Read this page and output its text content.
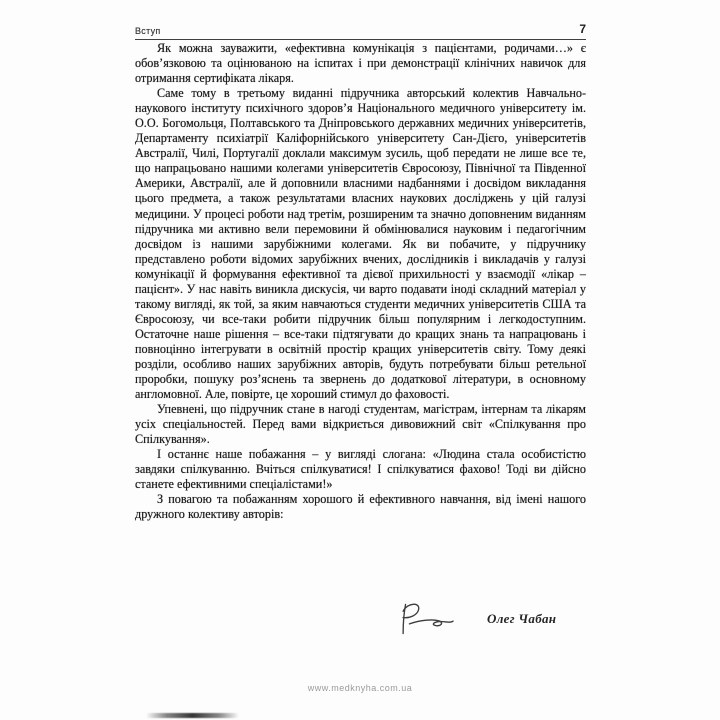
Вступ	7

Як можна зауважити, «ефективна комунікація з пацієнтами, родичами…» є обов’язковою та оцінюваною на іспитах і при демонстрації клінічних навичок для отримання сертифіката лікаря.

Саме тому в третьому виданні підручника авторський колектив Навчально-наукового інституту психічного здоров’я Національного медичного університету ім. О.О. Богомольця, Полтавського та Дніпровського державних медичних університетів, Департаменту психіатрії Каліфорнійського університету Сан-Дієго, університетів Австралії, Чилі, Португалії доклали максимум зусиль, щоб передати не лише все те, що напрацьовано нашими колегами університетів Євросоюзу, Північної та Південної Америки, Австралії, але й доповнили власними надбаннями і досвідом викладання цього предмета, а також результатами власних наукових досліджень у цій галузі медицини. У процесі роботи над третім, розширеним та значно доповненим виданням підручника ми активно вели перемовини й обмінювалися науковим і педагогічним досвідом із нашими зарубіжними колегами. Як ви побачите, у підручнику представлено роботи відомих зарубіжних вчених, дослідників і викладачів у галузі комунікації й формування ефективної та дієвої прихильності у взаємодії «лікар – пацієнт». У нас навіть виникла дискусія, чи варто подавати іноді складний матеріал у такому вигляді, як той, за яким навчаються студенти медичних університетів США та Євросоюзу, чи все-таки робити підручник більш популярним і легкодоступним. Остаточне наше рішення – все-таки підтягувати до кращих знань та напрацювань і повноцінно інтегрувати в освітній простір кращих університетів світу. Тому деякі розділи, особливо наших зарубіжних авторів, будуть потребувати більш ретельної проробки, пошуку роз’яснень та звернень до додаткової літератури, в основному англомовної. Але, повірте, це хороший стимул до фаховості.

Упевнені, що підручник стане в нагоді студентам, магістрам, інтернам та лікарям усіх спеціальностей. Перед вами відкриється дивовижний світ «Спілкування про Спілкування».

І останнє наше побажання – у вигляді слогана: «Людина стала особистістю завдяки спілкуванню. Вчіться спілкуватися! І спілкуватися фахово! Тоді ви дійсно станете ефективними спеціалістами!»

З повагою та побажанням хорошого й ефективного навчання, від імені нашого дружного колективу авторів:

Олег Чабан
www.medknyha.com.ua
